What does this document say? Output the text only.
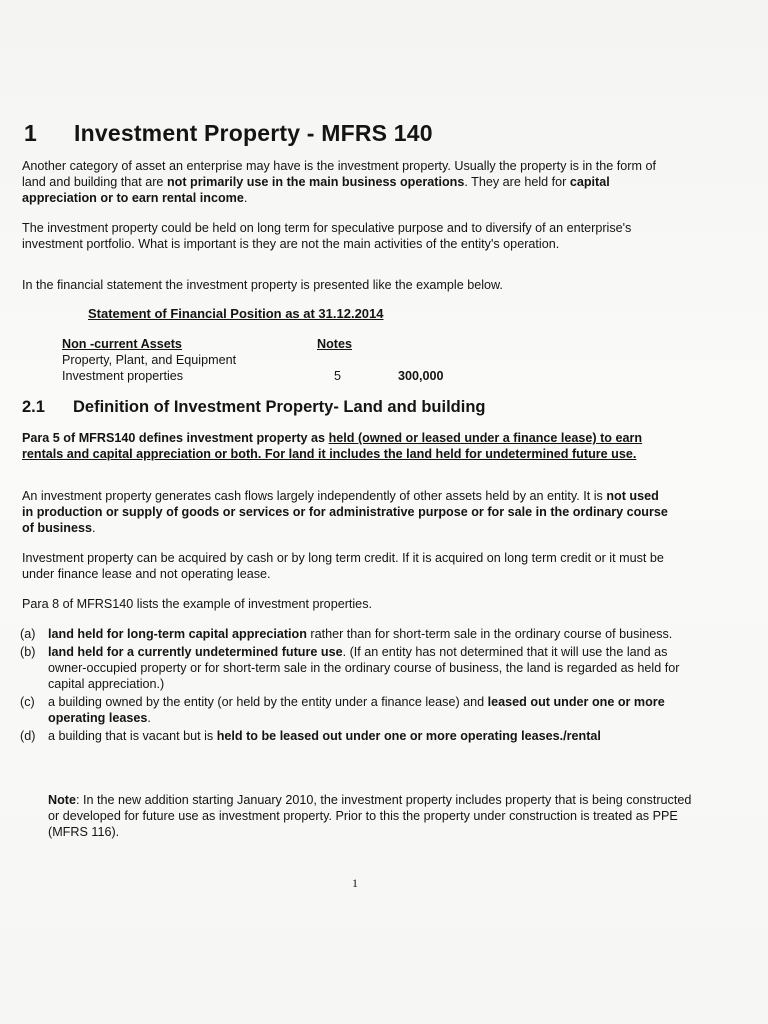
1 Investment Property - MFRS 140

Another category of asset an enterprise may have is the investment property. Usually the property is in the form of land and building that are not primarily use in the main business operations. They are held for capital appreciation or to earn rental income.

The investment property could be held on long term for speculative purpose and to diversify of an enterprise's investment portfolio. What is important is they are not the main activities of the entity's operation.

In the financial statement the investment property is presented like the example below.

Statement of Financial Position as at 31.12.2014
Non -current Assets	Notes
Property, Plant, and Equipment
Investment properties	5	300,000
2.1 Definition of Investment Property- Land and building

Para 5 of MFRS140 defines investment property as held (owned or leased under a finance lease) to earn rentals and capital appreciation or both. For land it includes the land held for undetermined future use.

An investment property generates cash flows largely independently of other assets held by an entity. It is not used in production or supply of goods or services or for administrative purpose or for sale in the ordinary course of business.

Investment property can be acquired by cash or by long term credit. If it is acquired on long term credit or it must be under finance lease and not operating lease.

Para 8 of MFRS140 lists the example of investment properties.

(a) land held for long-term capital appreciation rather than for short-term sale in the ordinary course of business.
(b) land held for a currently undetermined future use. (If an entity has not determined that it will use the land as owner-occupied property or for short-term sale in the ordinary course of business, the land is regarded as held for capital appreciation.)
(c) a building owned by the entity (or held by the entity under a finance lease) and leased out under one or more operating leases.
(d) a building that is vacant but is held to be leased out under one or more operating leases./rental
Note: In the new addition starting January 2010, the investment property includes property that is being constructed or developed for future use as investment property. Prior to this the property under construction is treated as PPE (MFRS 116).
1
